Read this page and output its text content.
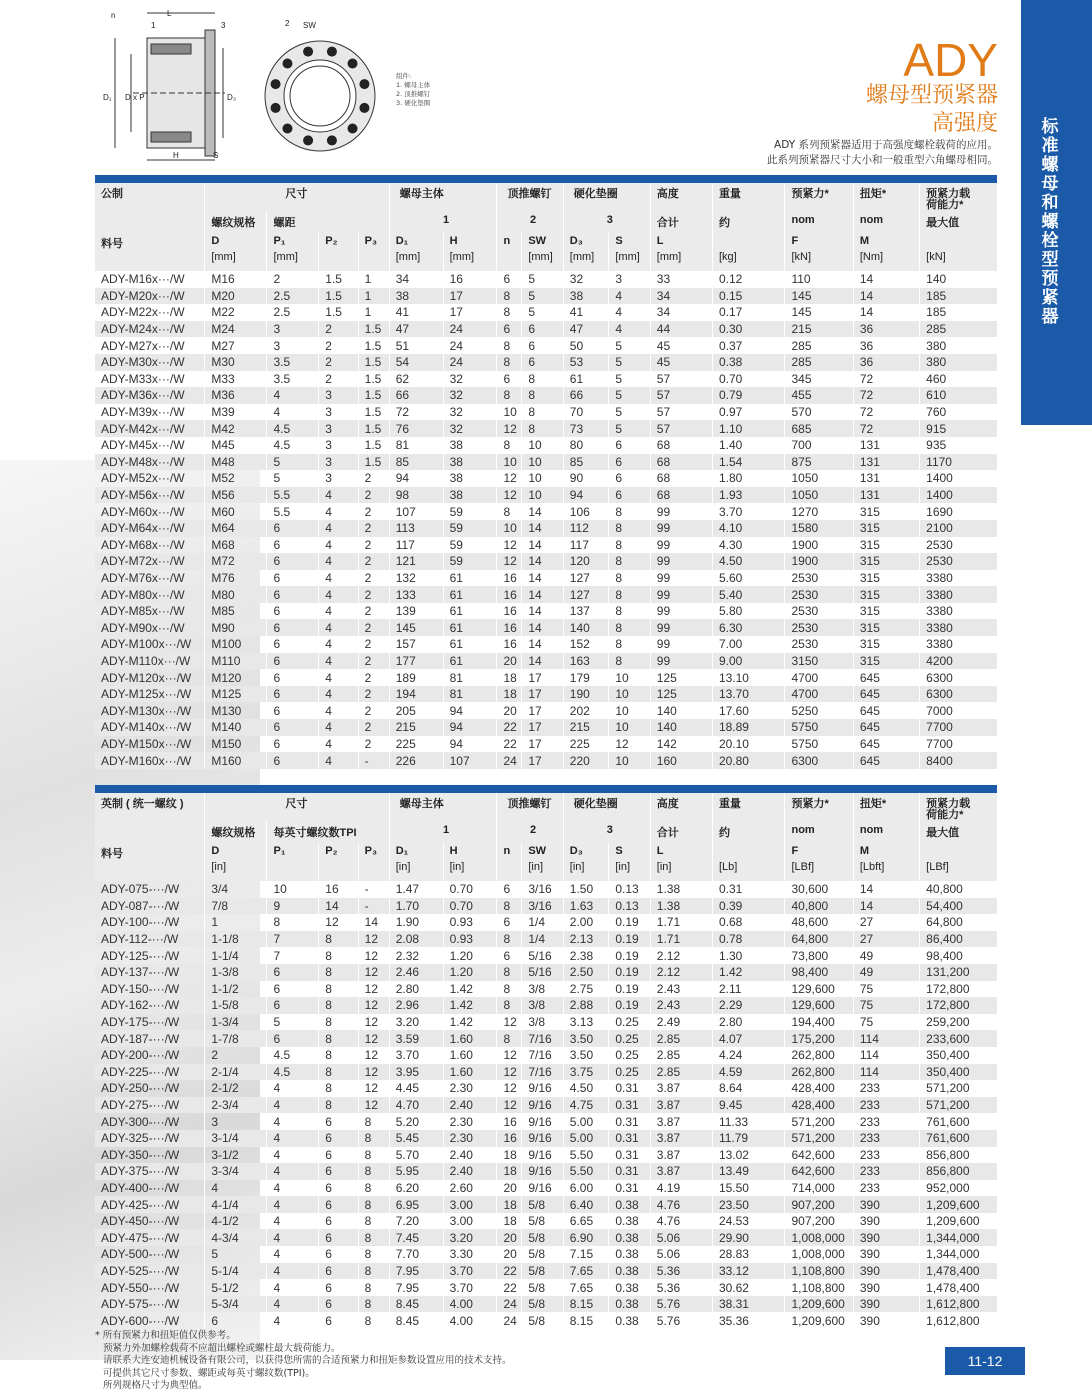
标准螺母和螺栓型预紧器
n	L
1	3	2 SW
D₁ D x P	D₃
H	S
组件:
1. 螺母主体
2. 顶推螺钉
3. 硬化垫圈
ADY
螺母型预紧器
高强度
ADY 系列预紧器适用于高强度螺栓载荷的应用。
此系列预紧器尺寸大小和一般重型六角螺母相同。

公制	尺寸				螺母主体		顶推螺钉		硬化垫圈		高度	重量	预紧力*	扭矩*	预紧力载
荷能力*
	螺纹规格	螺距			1		2		3		合计	约	nom	nom	最大值
料号	D	P₁	P₂	P₃	D₁	H	n	SW	D₃	S	L		F	M	
	[mm]	[mm]			[mm]	[mm]		[mm]	[mm]	[mm]	[mm]	[kg]	[kN]	[Nm]	[kN]
ADY-M16x···/W	M16	2	1.5	1	34	16	6	5	32	3	33	0.12	110	14	140
ADY-M20x···/W	M20	2.5	1.5	1	38	17	8	5	38	4	34	0.15	145	14	185
ADY-M22x···/W	M22	2.5	1.5	1	41	17	8	5	41	4	34	0.17	145	14	185
ADY-M24x···/W	M24	3	2	1.5	47	24	6	6	47	4	44	0.30	215	36	285
ADY-M27x···/W	M27	3	2	1.5	51	24	8	6	50	5	45	0.37	285	36	380
ADY-M30x···/W	M30	3.5	2	1.5	54	24	8	6	53	5	45	0.38	285	36	380
ADY-M33x···/W	M33	3.5	2	1.5	62	32	6	8	61	5	57	0.70	345	72	460
ADY-M36x···/W	M36	4	3	1.5	66	32	8	8	66	5	57	0.79	455	72	610
ADY-M39x···/W	M39	4	3	1.5	72	32	10	8	70	5	57	0.97	570	72	760
ADY-M42x···/W	M42	4.5	3	1.5	76	32	12	8	73	5	57	1.10	685	72	915
ADY-M45x···/W	M45	4.5	3	1.5	81	38	8	10	80	6	68	1.40	700	131	935
ADY-M48x···/W	M48	5	3	1.5	85	38	10	10	85	6	68	1.54	875	131	1170
ADY-M52x···/W	M52	5	3	2	94	38	12	10	90	6	68	1.80	1050	131	1400
ADY-M56x···/W	M56	5.5	4	2	98	38	12	10	94	6	68	1.93	1050	131	1400
ADY-M60x···/W	M60	5.5	4	2	107	59	8	14	106	8	99	3.70	1270	315	1690
ADY-M64x···/W	M64	6	4	2	113	59	10	14	112	8	99	4.10	1580	315	2100
ADY-M68x···/W	M68	6	4	2	117	59	12	14	117	8	99	4.30	1900	315	2530
ADY-M72x···/W	M72	6	4	2	121	59	12	14	120	8	99	4.50	1900	315	2530
ADY-M76x···/W	M76	6	4	2	132	61	16	14	127	8	99	5.60	2530	315	3380
ADY-M80x···/W	M80	6	4	2	133	61	16	14	127	8	99	5.40	2530	315	3380
ADY-M85x···/W	M85	6	4	2	139	61	16	14	137	8	99	5.80	2530	315	3380
ADY-M90x···/W	M90	6	4	2	145	61	16	14	140	8	99	6.30	2530	315	3380
ADY-M100x···/W	M100	6	4	2	157	61	16	14	152	8	99	7.00	2530	315	3380
ADY-M110x···/W	M110	6	4	2	177	61	20	14	163	8	99	9.00	3150	315	4200
ADY-M120x···/W	M120	6	4	2	189	81	18	17	179	10	125	13.10	4700	645	6300
ADY-M125x···/W	M125	6	4	2	194	81	18	17	190	10	125	13.70	4700	645	6300
ADY-M130x···/W	M130	6	4	2	205	94	20	17	202	10	140	17.60	5250	645	7000
ADY-M140x···/W	M140	6	4	2	215	94	22	17	215	10	140	18.89	5750	645	7700
ADY-M150x···/W	M150	6	4	2	225	94	22	17	225	12	142	20.10	5750	645	7700
ADY-M160x···/W	M160	6	4	-	226	107	24	17	220	10	160	20.80	6300	645	8400

英制 ( 统一螺纹 )	尺寸				螺母主体		顶推螺钉		硬化垫圈		高度	重量	预紧力*	扭矩*	预紧力载
荷能力*
	螺纹规格	每英寸螺纹数TPI			1		2		3		合计	约	nom	nom	最大值
料号	D	P₁	P₂	P₃	D₁	H	n	SW	D₃	S	L		F	M	
	[in]				[in]	[in]		[in]	[in]	[in]	[in]	[Lb]	[LBf]	[Lbft]	[LBf]
ADY-075-···/W	3/4	10	16	-	1.47	0.70	6	3/16	1.50	0.13	1.38	0.31	30,600	14	40,800
ADY-087-···/W	7/8	9	14	-	1.70	0.70	8	3/16	1.63	0.13	1.38	0.39	40,800	14	54,400
ADY-100-···/W	1	8	12	14	1.90	0.93	6	1/4	2.00	0.19	1.71	0.68	48,600	27	64,800
ADY-112-···/W	1-1/8	7	8	12	2.08	0.93	8	1/4	2.13	0.19	1.71	0.78	64,800	27	86,400
ADY-125-···/W	1-1/4	7	8	12	2.32	1.20	6	5/16	2.38	0.19	2.12	1.30	73,800	49	98,400
ADY-137-···/W	1-3/8	6	8	12	2.46	1.20	8	5/16	2.50	0.19	2.12	1.42	98,400	49	131,200
ADY-150-···/W	1-1/2	6	8	12	2.80	1.42	8	3/8	2.75	0.19	2.43	2.11	129,600	75	172,800
ADY-162-···/W	1-5/8	6	8	12	2.96	1.42	8	3/8	2.88	0.19	2.43	2.29	129,600	75	172,800
ADY-175-···/W	1-3/4	5	8	12	3.20	1.42	12	3/8	3.13	0.25	2.49	2.80	194,400	75	259,200
ADY-187-···/W	1-7/8	6	8	12	3.59	1.60	8	7/16	3.50	0.25	2.85	4.07	175,200	114	233,600
ADY-200-···/W	2	4.5	8	12	3.70	1.60	12	7/16	3.50	0.25	2.85	4.24	262,800	114	350,400
ADY-225-···/W	2-1/4	4.5	8	12	3.95	1.60	12	7/16	3.75	0.25	2.85	4.59	262,800	114	350,400
ADY-250-···/W	2-1/2	4	8	12	4.45	2.30	12	9/16	4.50	0.31	3.87	8.64	428,400	233	571,200
ADY-275-···/W	2-3/4	4	8	12	4.70	2.40	12	9/16	4.75	0.31	3.87	9.45	428,400	233	571,200
ADY-300-···/W	3	4	6	8	5.20	2.30	16	9/16	5.00	0.31	3.87	11.33	571,200	233	761,600
ADY-325-···/W	3-1/4	4	6	8	5.45	2.30	16	9/16	5.00	0.31	3.87	11.79	571,200	233	761,600
ADY-350-···/W	3-1/2	4	6	8	5.70	2.40	18	9/16	5.50	0.31	3.87	13.02	642,600	233	856,800
ADY-375-···/W	3-3/4	4	6	8	5.95	2.40	18	9/16	5.50	0.31	3.87	13.49	642,600	233	856,800
ADY-400-···/W	4	4	6	8	6.20	2.60	20	9/16	6.00	0.31	4.19	15.50	714,000	233	952,000
ADY-425-···/W	4-1/4	4	6	8	6.95	3.00	18	5/8	6.40	0.38	4.76	23.50	907,200	390	1,209,600
ADY-450-···/W	4-1/2	4	6	8	7.20	3.00	18	5/8	6.65	0.38	4.76	24.53	907,200	390	1,209,600
ADY-475-···/W	4-3/4	4	6	8	7.45	3.20	20	5/8	6.90	0.38	5.06	29.90	1,008,000	390	1,344,000
ADY-500-···/W	5	4	6	8	7.70	3.30	20	5/8	7.15	0.38	5.06	28.83	1,008,000	390	1,344,000
ADY-525-···/W	5-1/4	4	6	8	7.95	3.70	22	5/8	7.65	0.38	5.36	33.12	1,108,800	390	1,478,400
ADY-550-···/W	5-1/2	4	6	8	7.95	3.70	22	5/8	7.65	0.38	5.36	30.62	1,108,800	390	1,478,400
ADY-575-···/W	5-3/4	4	6	8	8.45	4.00	24	5/8	8.15	0.38	5.76	38.31	1,209,600	390	1,612,800
ADY-600-···/W	6	4	6	8	8.45	4.00	24	5/8	8.15	0.38	5.76	35.36	1,209,600	390	1,612,800
* 所有预紧力和扭矩值仅供参考。
预紧力外加螺栓载荷不应超出螺栓或螺柱最大载荷能力。
请联系大连安迪机械设备有限公司，以获得您所需的合适预紧力和扭矩参数设置应用的技术支持。
可提供其它尺寸参数、螺距或每英寸螺纹数(TPI)。
所列规格尺寸为典型值。
11-12
